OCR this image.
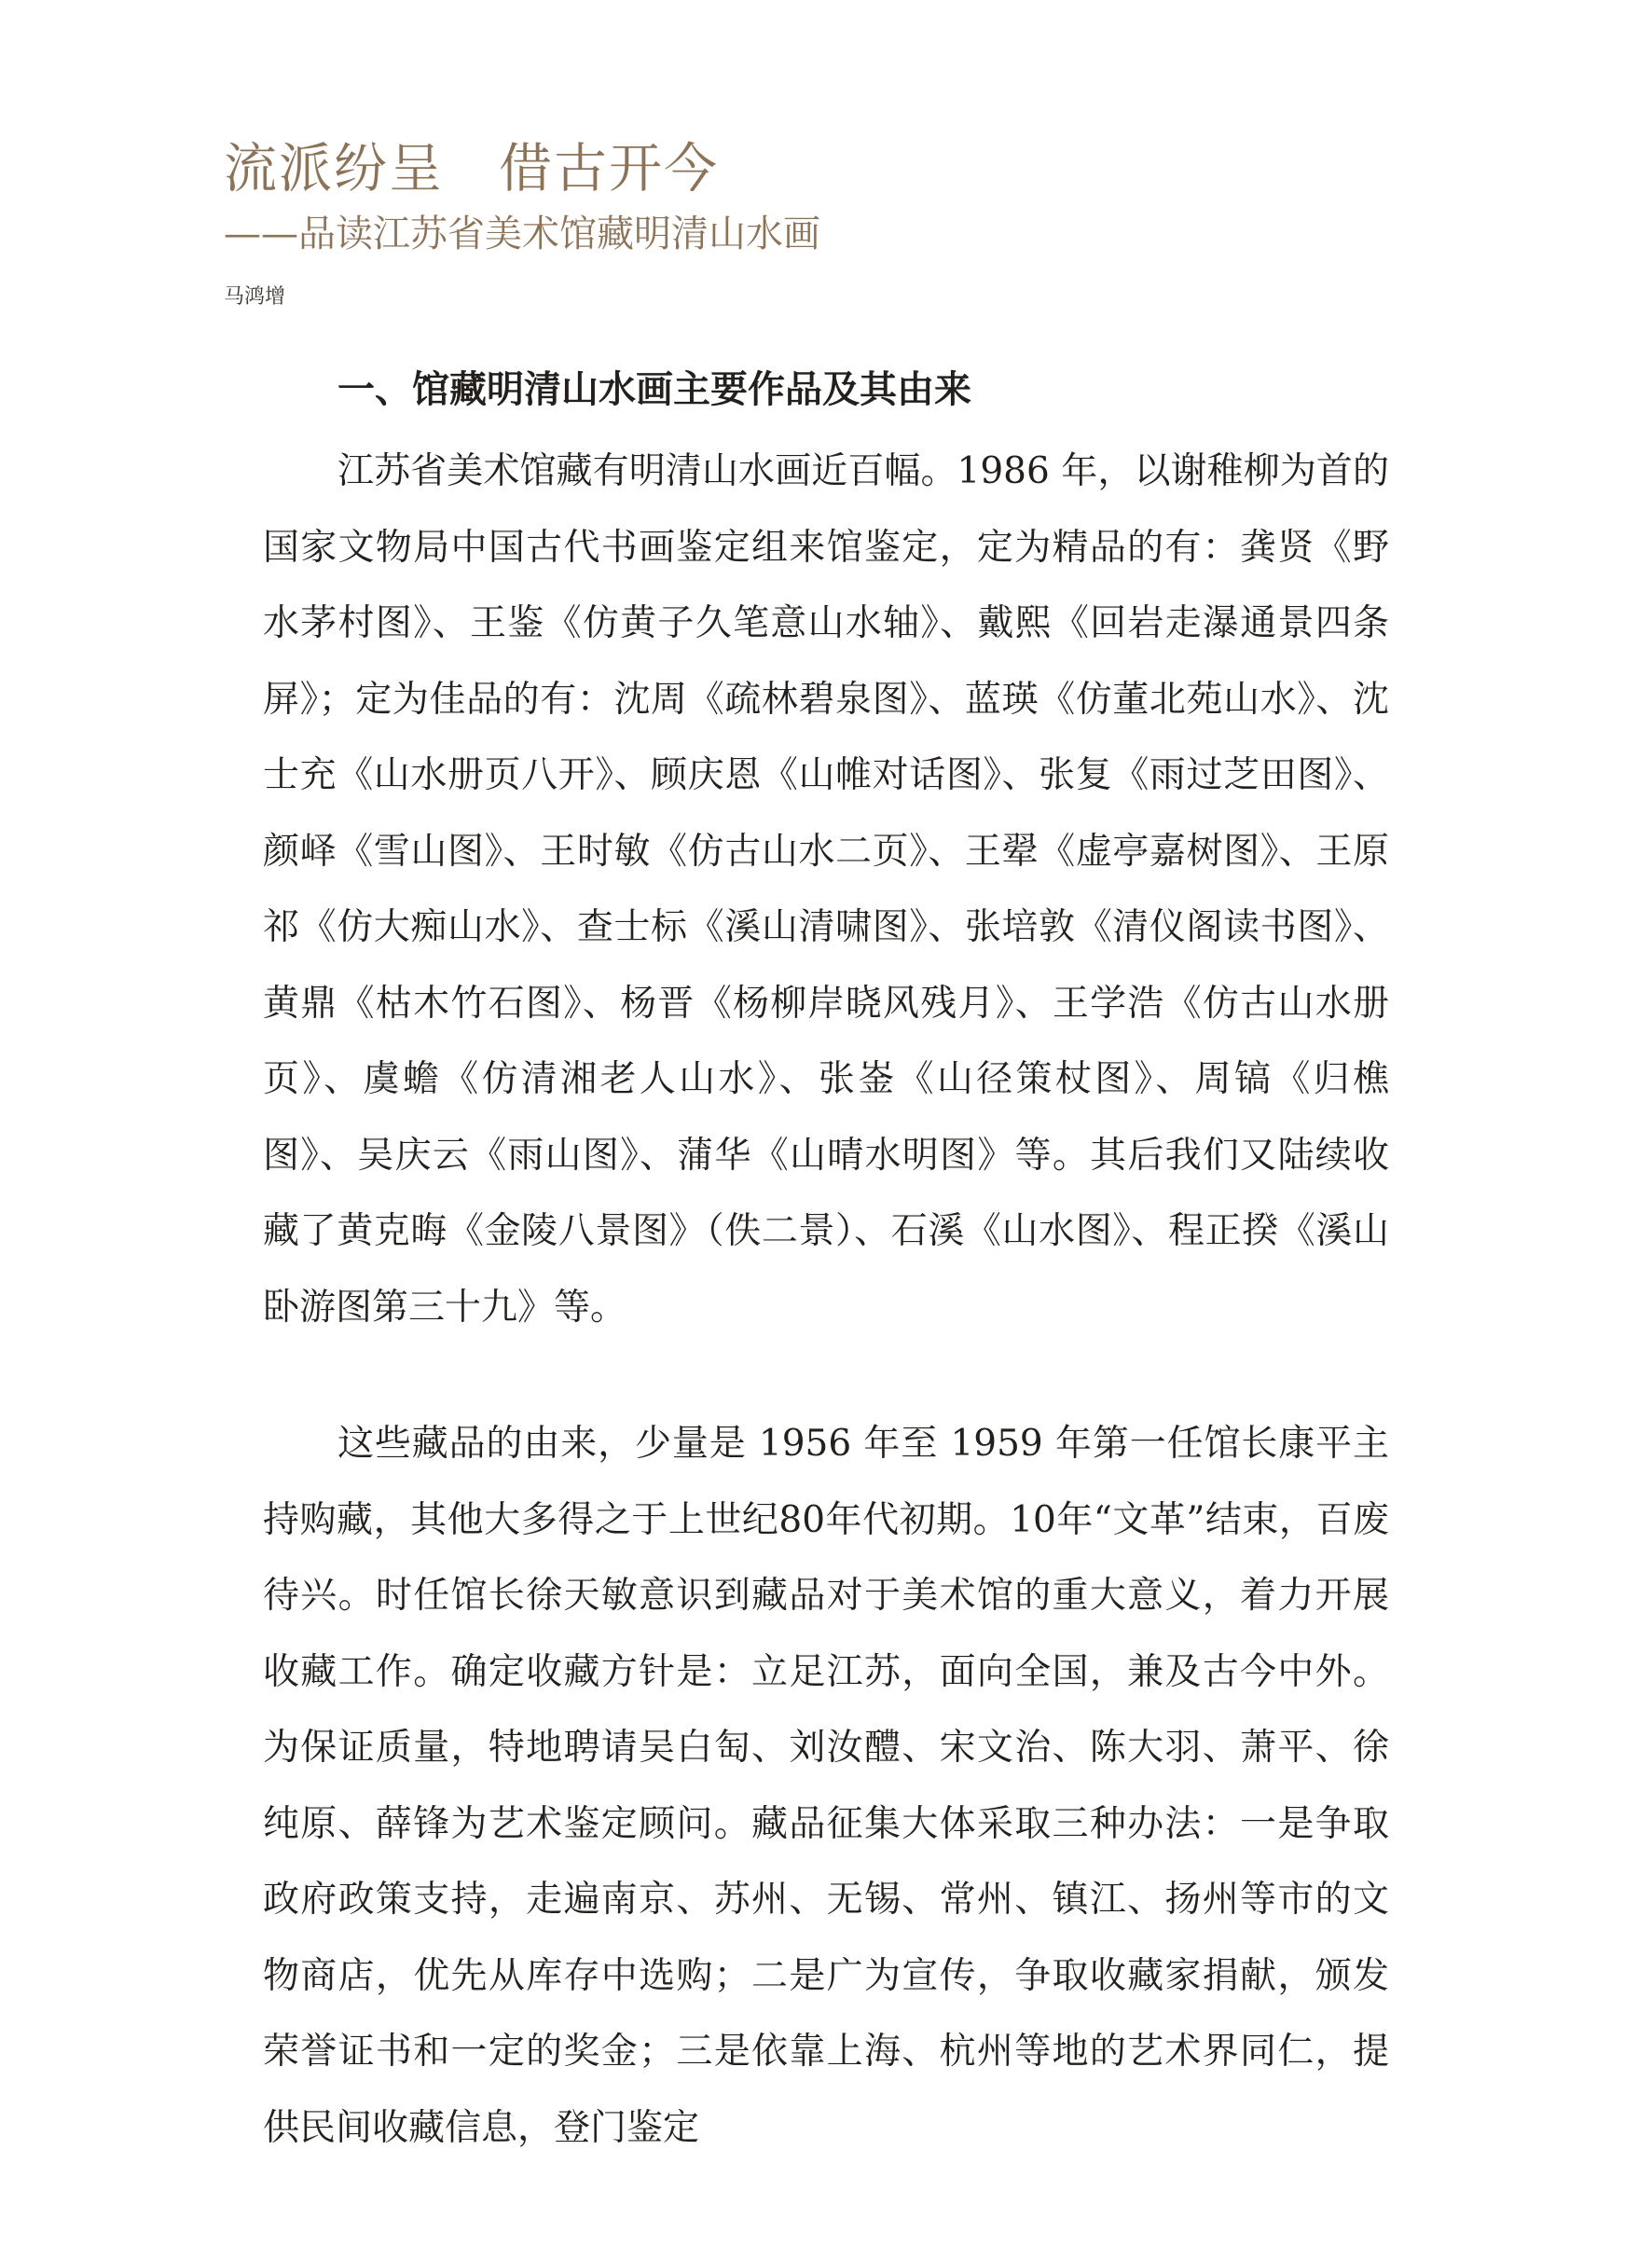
流派纷呈　借古开今
——品读江苏省美术馆藏明清山水画

马鸿增

一、馆藏明清山水画主要作品及其由来

江苏省美术馆藏有明清山水画近百幅。1986 年，以谢稚柳为首的国家文物局中国古代书画鉴定组来馆鉴定，定为精品的有：龚贤《野水茅村图》、王鉴《仿黄子久笔意山水轴》、戴熙《回岩走瀑通景四条屏》；定为佳品的有：沈周《疏林碧泉图》、蓝瑛《仿董北苑山水》、沈士充《山水册页八开》、顾庆恩《山帷对话图》、张复《雨过芝田图》、颜峄《雪山图》、王时敏《仿古山水二页》、王翚《虚亭嘉树图》、王原祁《仿大痴山水》、查士标《溪山清啸图》、张培敦《清仪阁读书图》、黄鼎《枯木竹石图》、杨晋《杨柳岸晓风残月》、王学浩《仿古山水册页》、虞蟾《仿清湘老人山水》、张崟《山径策杖图》、周镐《归樵图》、吴庆云《雨山图》、蒲华《山晴水明图》等。其后我们又陆续收藏了黄克晦《金陵八景图》（佚二景）、石溪《山水图》、程正揆《溪山卧游图第三十九》等。

这些藏品的由来，少量是 1956 年至 1959 年第一任馆长康平主持购藏，其他大多得之于上世纪80年代初期。10年“文革”结束，百废待兴。时任馆长徐天敏意识到藏品对于美术馆的重大意义，着力开展收藏工作。确定收藏方针是：立足江苏，面向全国，兼及古今中外。为保证质量，特地聘请吴白匋、刘汝醴、宋文治、陈大羽、萧平、徐纯原、薛锋为艺术鉴定顾问。藏品征集大体采取三种办法：一是争取政府政策支持，走遍南京、苏州、无锡、常州、镇江、扬州等市的文物商店，优先从库存中选购；二是广为宣传，争取收藏家捐献，颁发荣誉证书和一定的奖金；三是依靠上海、杭州等地的艺术界同仁，提供民间收藏信息，登门鉴定
